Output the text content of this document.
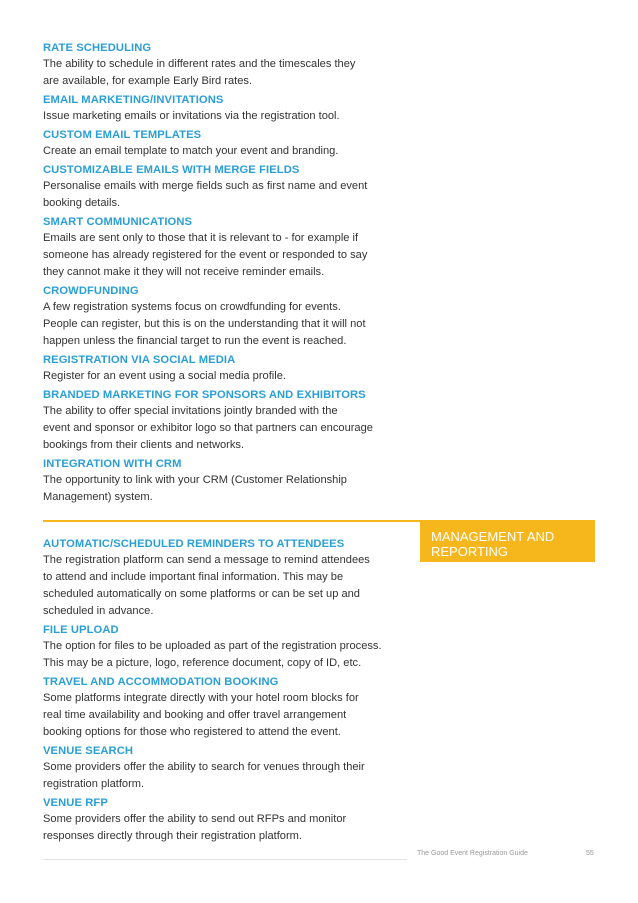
RATE SCHEDULING
The ability to schedule in different rates and the timescales they
are available, for example Early Bird rates.
EMAIL MARKETING/INVITATIONS
Issue marketing emails or invitations via the registration tool.
CUSTOM EMAIL TEMPLATES
Create an email template to match your event and branding.
CUSTOMIZABLE EMAILS WITH MERGE FIELDS
Personalise emails with merge fields such as first name and event
booking details.
SMART COMMUNICATIONS
Emails are sent only to those that it is relevant to - for example if
someone has already registered for the event or responded to say
they cannot make it they will not receive reminder emails.
CROWDFUNDING
A few registration systems focus on crowdfunding for events.
People can register, but this is on the understanding that it will not
happen unless the financial target to run the event is reached.
REGISTRATION VIA SOCIAL MEDIA
Register for an event using a social media profile.
BRANDED MARKETING FOR SPONSORS AND EXHIBITORS
The ability to offer special invitations jointly branded with the
event and sponsor or exhibitor logo so that partners can encourage
bookings from their clients and networks.
INTEGRATION WITH CRM
The opportunity to link with your CRM (Customer Relationship
Management) system.
MANAGEMENT AND REPORTING
AUTOMATIC/SCHEDULED REMINDERS TO ATTENDEES
The registration platform can send a message to remind attendees
to attend and include important final information. This may be
scheduled automatically on some platforms or can be set up and
scheduled in advance.
FILE UPLOAD
The option for files to be uploaded as part of the registration process.
This may be a picture, logo, reference document, copy of ID, etc.
TRAVEL AND ACCOMMODATION BOOKING
Some platforms integrate directly with your hotel room blocks for
real time availability and booking and offer travel arrangement
booking options for those who registered to attend the event.
VENUE SEARCH
Some providers offer the ability to search for venues through their
registration platform.
VENUE RFP
Some providers offer the ability to send out RFPs and monitor
responses directly through their registration platform.
The Good Event Registration Guide	55
